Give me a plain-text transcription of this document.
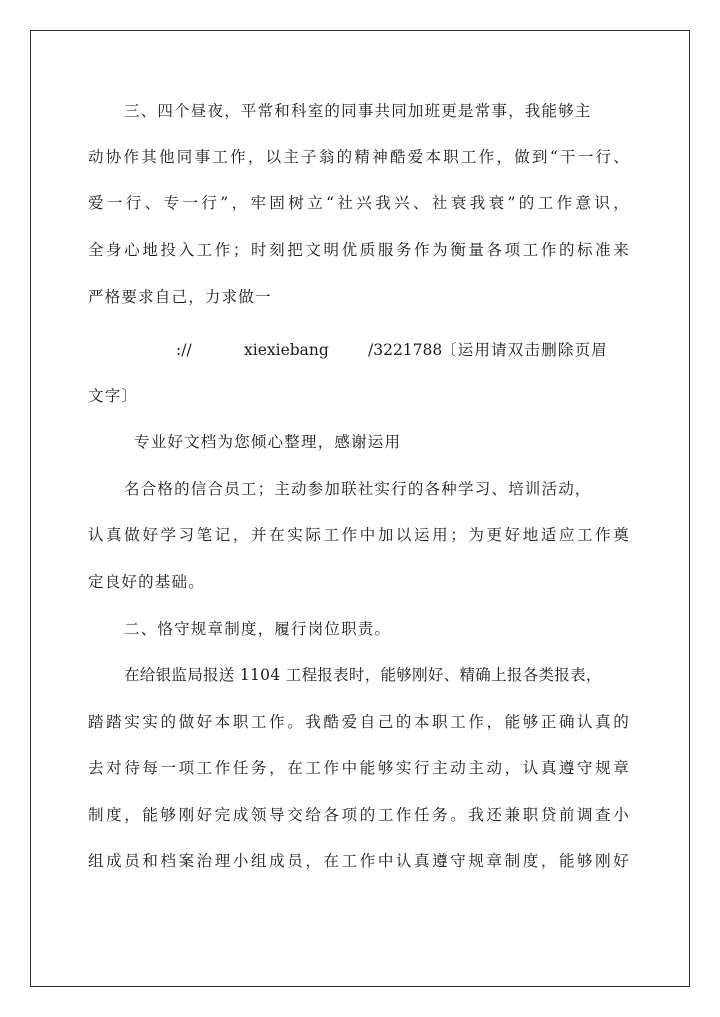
三、四个昼夜，平常和科室的同事共同加班更是常事，我能够主
动协作其他同事工作，以主子翁的精神酷爱本职工作，做到“干一行、
爱一行、专一行”，牢固树立“社兴我兴、社衰我衰”的工作意识，
全身心地投入工作；时刻把文明优质服务作为衡量各项工作的标准来
严格要求自己，力求做一
://	xiexiebang	/3221788
〔运用请双击删除页眉
文字〕
专业好文档为您倾心整理，感谢运用
名合格的信合员工；主动参加联社实行的各种学习、培训活动，
认真做好学习笔记，并在实际工作中加以运用；为更好地适应工作奠
定良好的基础。
二、恪守规章制度，履行岗位职责。
在给银监局报送 1104 工程报表时，能够刚好、精确上报各类报表，
踏踏实实的做好本职工作。我酷爱自己的本职工作，能够正确认真的
去对待每一项工作任务，在工作中能够实行主动主动，认真遵守规章
制度，能够刚好完成领导交给各项的工作任务。我还兼职贷前调查小
组成员和档案治理小组成员，在工作中认真遵守规章制度，能够刚好
